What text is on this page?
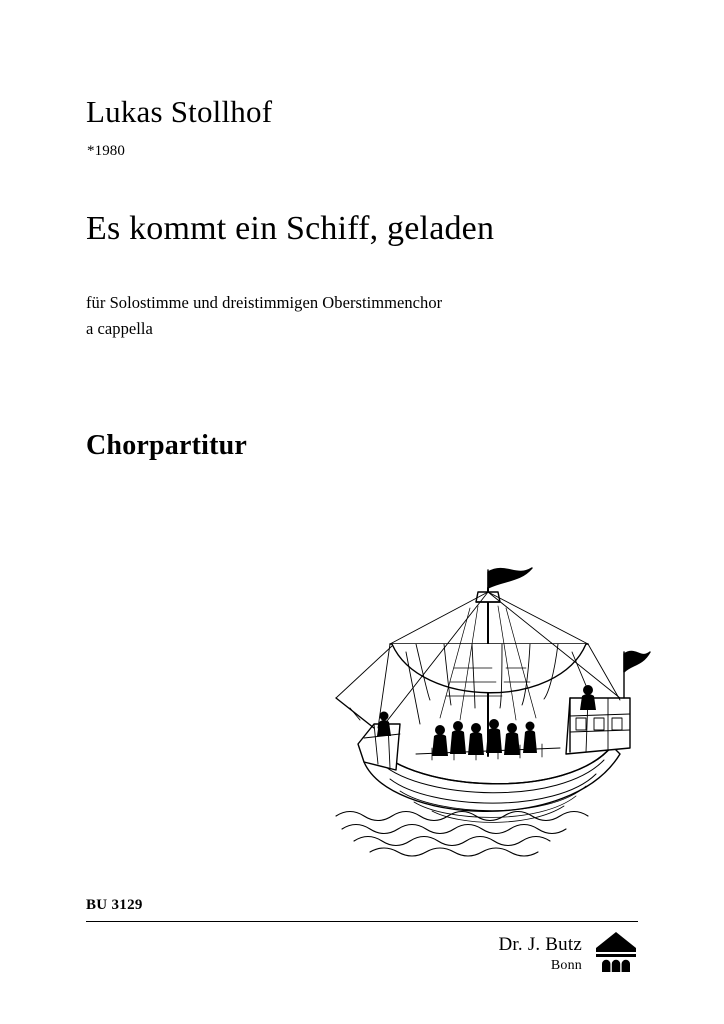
Lukas Stollhof
*1980
Es kommt ein Schiff, geladen
für Solostimme und dreistimmigen Oberstimmenchor
a cappella
Chorpartitur
BU 3129
Dr. J. Butz
Bonn
